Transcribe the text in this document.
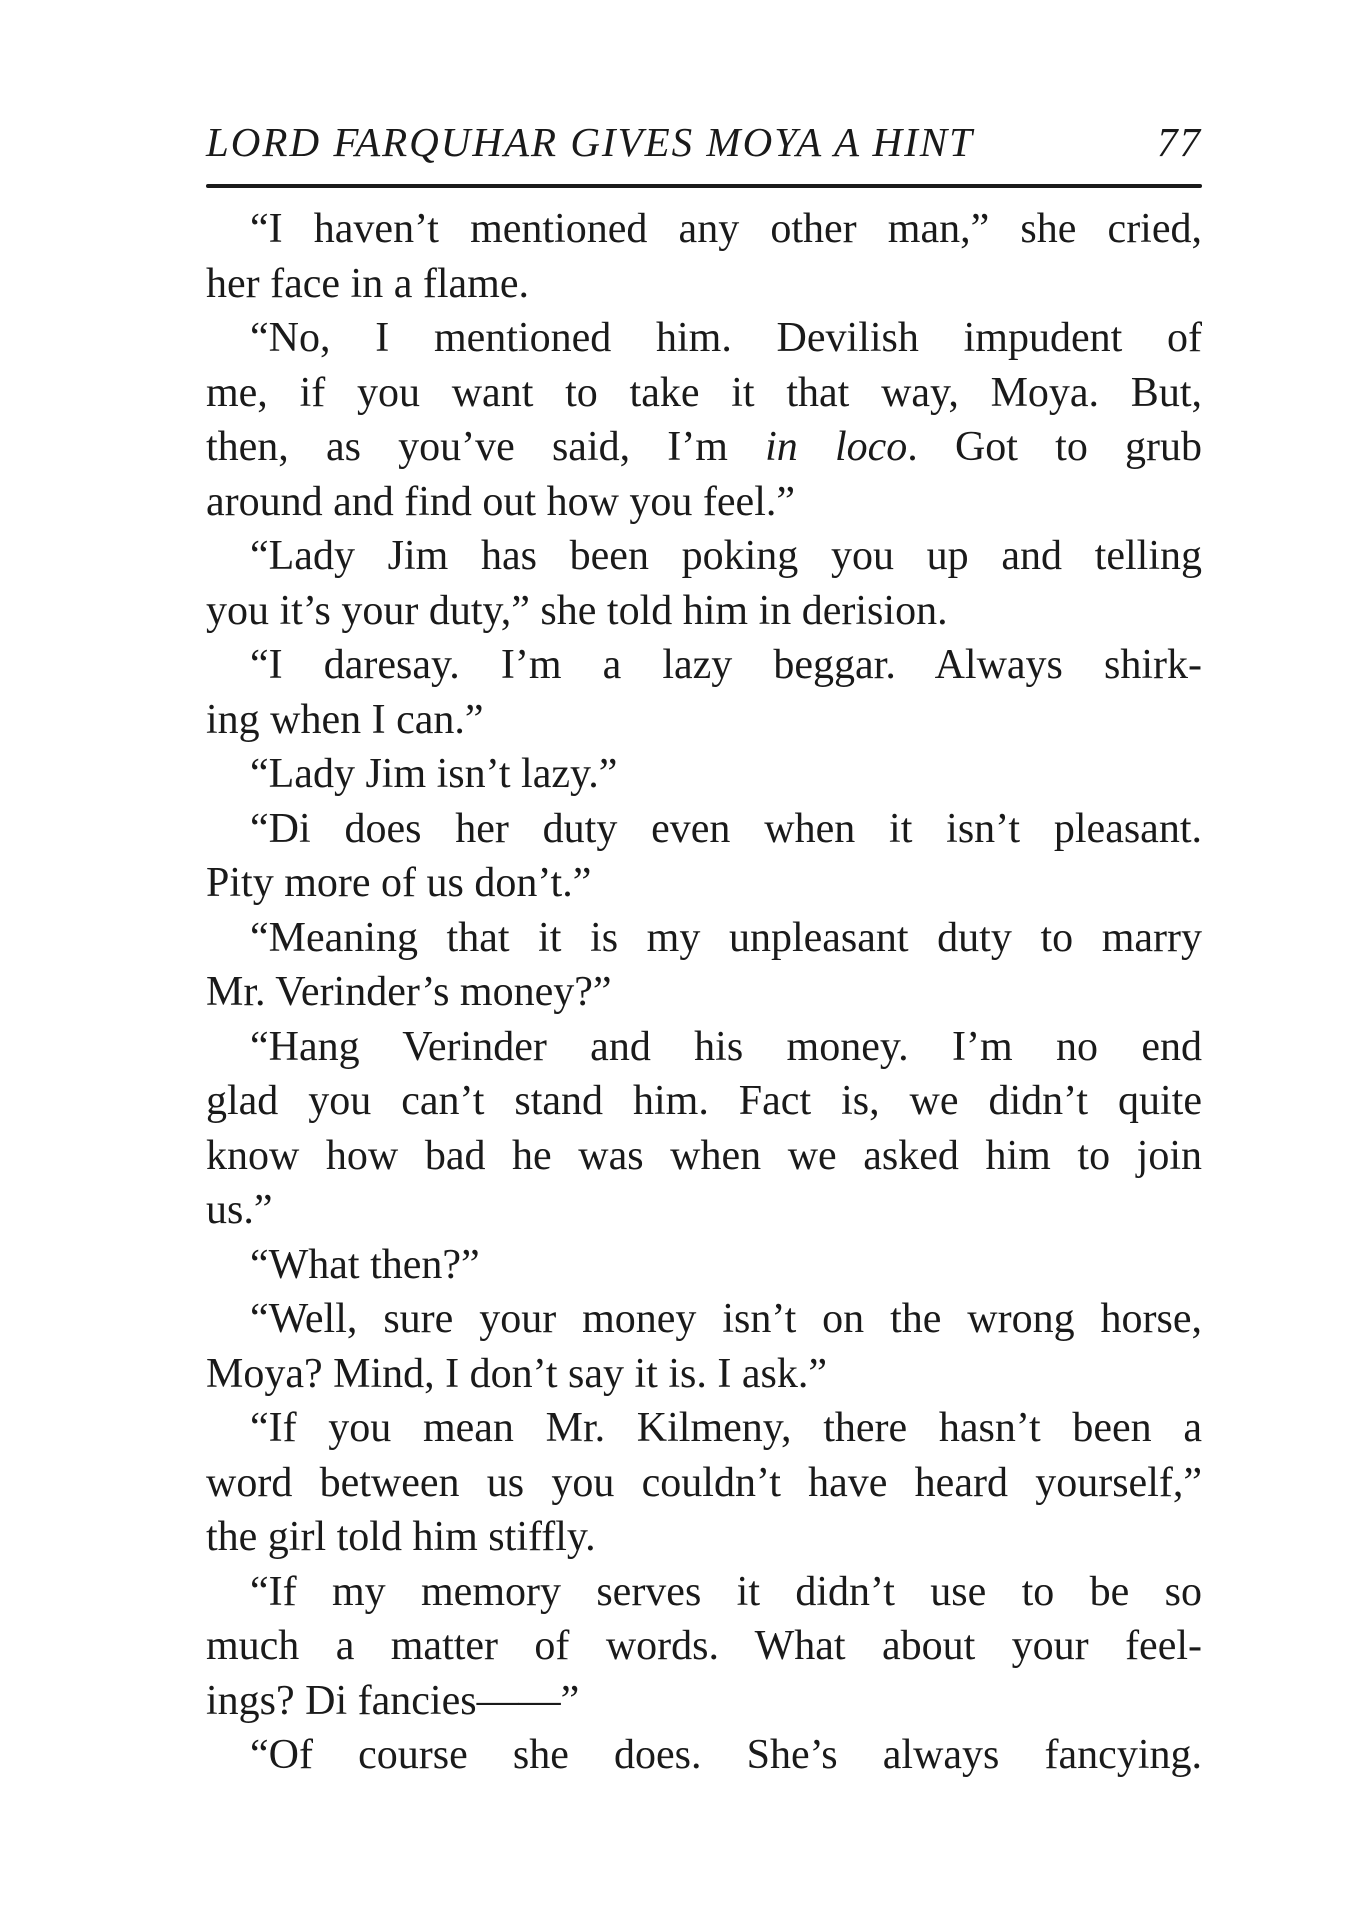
LORD FARQUHAR GIVES MOYA A HINT	77
“I haven’t mentioned any other man,” she cried,
her face in a flame.
“No, I mentioned him. Devilish impudent of
me, if you want to take it that way, Moya. But,
then, as you’ve said, I’m in loco. Got to grub
around and find out how you feel.”
“Lady Jim has been poking you up and telling
you it’s your duty,” she told him in derision.
“I daresay. I’m a lazy beggar. Always shirk-
ing when I can.”
“Lady Jim isn’t lazy.”
“Di does her duty even when it isn’t pleasant.
Pity more of us don’t.”
“Meaning that it is my unpleasant duty to marry
Mr. Verinder’s money?”
“Hang Verinder and his money. I’m no end
glad you can’t stand him. Fact is, we didn’t quite
know how bad he was when we asked him to join
us.”
“What then?”
“Well, sure your money isn’t on the wrong horse,
Moya? Mind, I don’t say it is. I ask.”
“If you mean Mr. Kilmeny, there hasn’t been a
word between us you couldn’t have heard yourself,”
the girl told him stiffly.
“If my memory serves it didn’t use to be so
much a matter of words. What about your feel-
ings? Di fancies——”
“Of course she does. She’s always fancying.
